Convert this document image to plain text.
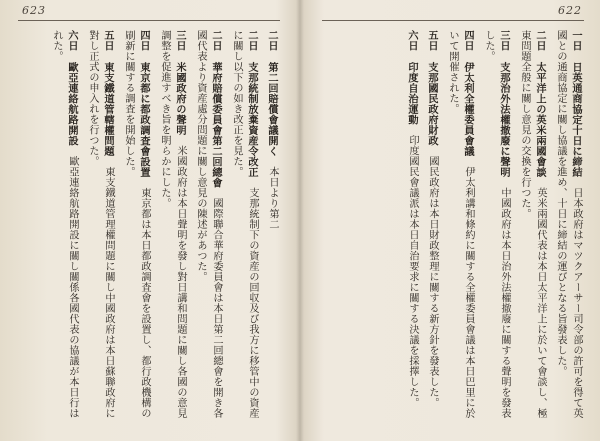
623

二日　第二回賠償會議開く　本日より第二

二日　支那統制放棄資産令改正　支那統制下の資産の回収及び我方に移管中の資産に關し以下の如き改正を見た。

二日　華府賠償委員會第二回總會　國際聯合華府委員會は本日第二回總會を開き各國代表より資産處分問題に關し意見の陳述があつた。

三日　米國政府の聲明　米國政府は本日聲明を發し對日講和問題に關し各國の意見調整を促進すべき旨を明らかにした。

四日　東京都に都政調査會設置　東京都は本日都政調査會を設置し、都行政機構の刷新に關する調査を開始した。

五日　東支鐵道管轄權問題　東支鐵道管理權問題に關し中國政府は本日蘇聯政府に對し正式の申入れを行つた。

六日　歐亞連絡航路開設　歐亞連絡航路開設に關し關係各國代表の協議が本日行はれた。

622

一日　日英通商協定十日に締結　日本政府はマツクアーサー司令部の許可を得て英國との通商協定に關し協議を進め、十日に締結の運びとなる旨發表した。

二日　太平洋上の英米兩國會談　英米兩國代表は本日太平洋上に於いて會談し、極東問題全般に關し意見の交換を行つた。

三日　支那治外法權撤廢に聲明　中國政府は本日治外法權撤廢に關する聲明を發表した。

四日　伊太利全權委員會議　伊太利講和條約に關する全權委員會議は本日巴里に於いて開催された。

五日　支那國民政府財政　國民政府は本日財政整理に關する新方針を發表した。

六日　印度自治運動　印度國民會議派は本日自治要求に關する決議を採擇した。
